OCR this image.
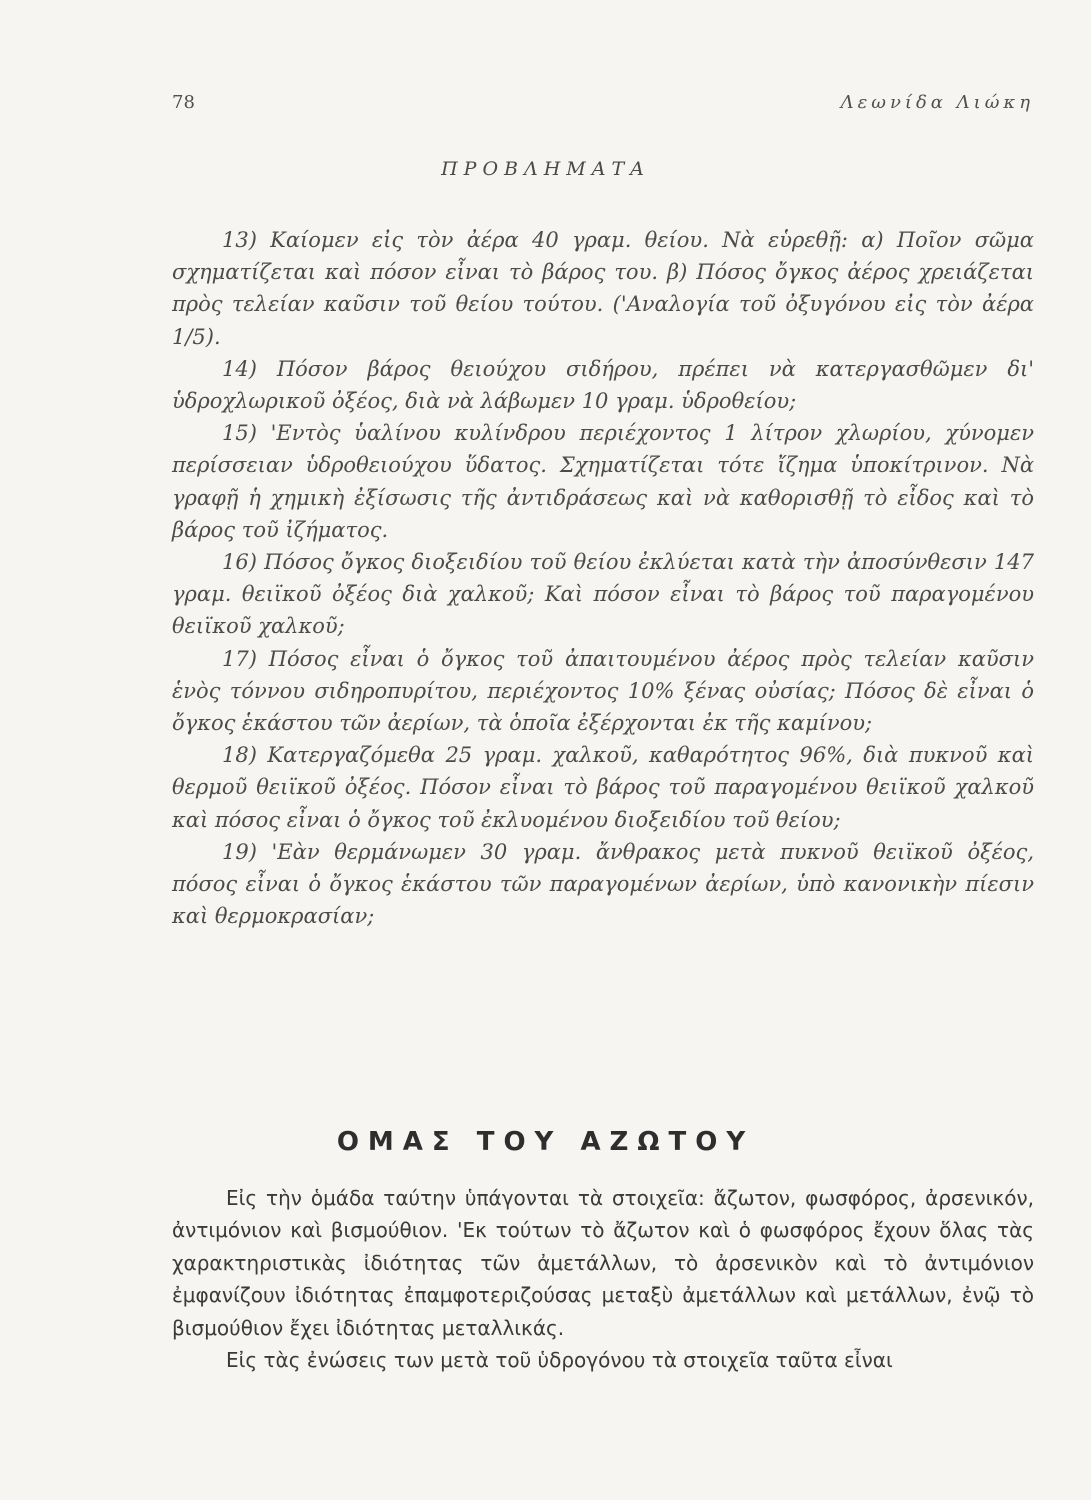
78	Λεωνίδα Λιώκη
ΠΡΟΒΛΗΜΑΤΑ

13) Καίομεν εἰς τὸν ἀέρα 40 γραμ. θείου. Νὰ εὑρεθῇ: α) Ποῖον σῶμα σχηματίζεται καὶ πόσον εἶναι τὸ βάρος του. β) Πόσος ὄγκος ἀέρος χρειάζεται πρὸς τελείαν καῦσιν τοῦ θείου τούτου. ('Αναλογία τοῦ ὀξυγόνου εἰς τὸν ἀέρα 1/5).

14) Πόσον βάρος θειούχου σιδήρου, πρέπει νὰ κατεργασθῶμεν δι' ὑδροχλωρικοῦ ὀξέος, διὰ νὰ λάβωμεν 10 γραμ. ὑδροθείου;

15) 'Εντὸς ὑαλίνου κυλίνδρου περιέχοντος 1 λίτρον χλωρίου, χύνομεν περίσσειαν ὑδροθειούχου ὕδατος. Σχηματίζεται τότε ἴζημα ὑποκίτρινον. Νὰ γραφῇ ἡ χημικὴ ἐξίσωσις τῆς ἀντιδράσεως καὶ νὰ καθορισθῇ τὸ εἶδος καὶ τὸ βάρος τοῦ ἰζήματος.

16) Πόσος ὄγκος διοξειδίου τοῦ θείου ἐκλύεται κατὰ τὴν ἀποσύνθεσιν 147 γραμ. θειϊκοῦ ὀξέος διὰ χαλκοῦ; Καὶ πόσον εἶναι τὸ βάρος τοῦ παραγομένου θειϊκοῦ χαλκοῦ;

17) Πόσος εἶναι ὁ ὄγκος τοῦ ἀπαιτουμένου ἀέρος πρὸς τελείαν καῦσιν ἑνὸς τόννου σιδηροπυρίτου, περιέχοντος 10% ξένας οὐσίας; Πόσος δὲ εἶναι ὁ ὄγκος ἑκάστου τῶν ἀερίων, τὰ ὁποῖα ἐξέρχονται ἐκ τῆς καμίνου;

18) Κατεργαζόμεθα 25 γραμ. χαλκοῦ, καθαρότητος 96%, διὰ πυκνοῦ καὶ θερμοῦ θειϊκοῦ ὀξέος. Πόσον εἶναι τὸ βάρος τοῦ παραγομένου θειϊκοῦ χαλκοῦ καὶ πόσος εἶναι ὁ ὄγκος τοῦ ἐκλυομένου διοξειδίου τοῦ θείου;

19) 'Εὰν θερμάνωμεν 30 γραμ. ἄνθρακος μετὰ πυκνοῦ θειϊκοῦ ὀξέος, πόσος εἶναι ὁ ὄγκος ἑκάστου τῶν παραγομένων ἀερίων, ὑπὸ κανονικὴν πίεσιν καὶ θερμοκρασίαν;

ΟΜΑΣ ΤΟΥ ΑΖΩΤΟΥ

Εἰς τὴν ὁμάδα ταύτην ὑπάγονται τὰ στοιχεῖα: ἄζωτον, φωσφόρος, ἀρσενικόν, ἀντιμόνιον καὶ βισμούθιον. 'Εκ τούτων τὸ ἄζωτον καὶ ὁ φωσφόρος ἔχουν ὅλας τὰς χαρακτηριστικὰς ἰδιότητας τῶν ἀμετάλλων, τὸ ἀρσενικὸν καὶ τὸ ἀντιμόνιον ἐμφανίζουν ἰδιότητας ἐπαμφοτεριζούσας μεταξὺ ἀμετάλλων καὶ μετάλλων, ἐνῷ τὸ βισμούθιον ἔχει ἰδιότητας μεταλλικάς.

Εἰς τὰς ἐνώσεις των μετὰ τοῦ ὑδρογόνου τὰ στοιχεῖα ταῦτα εἶναι
